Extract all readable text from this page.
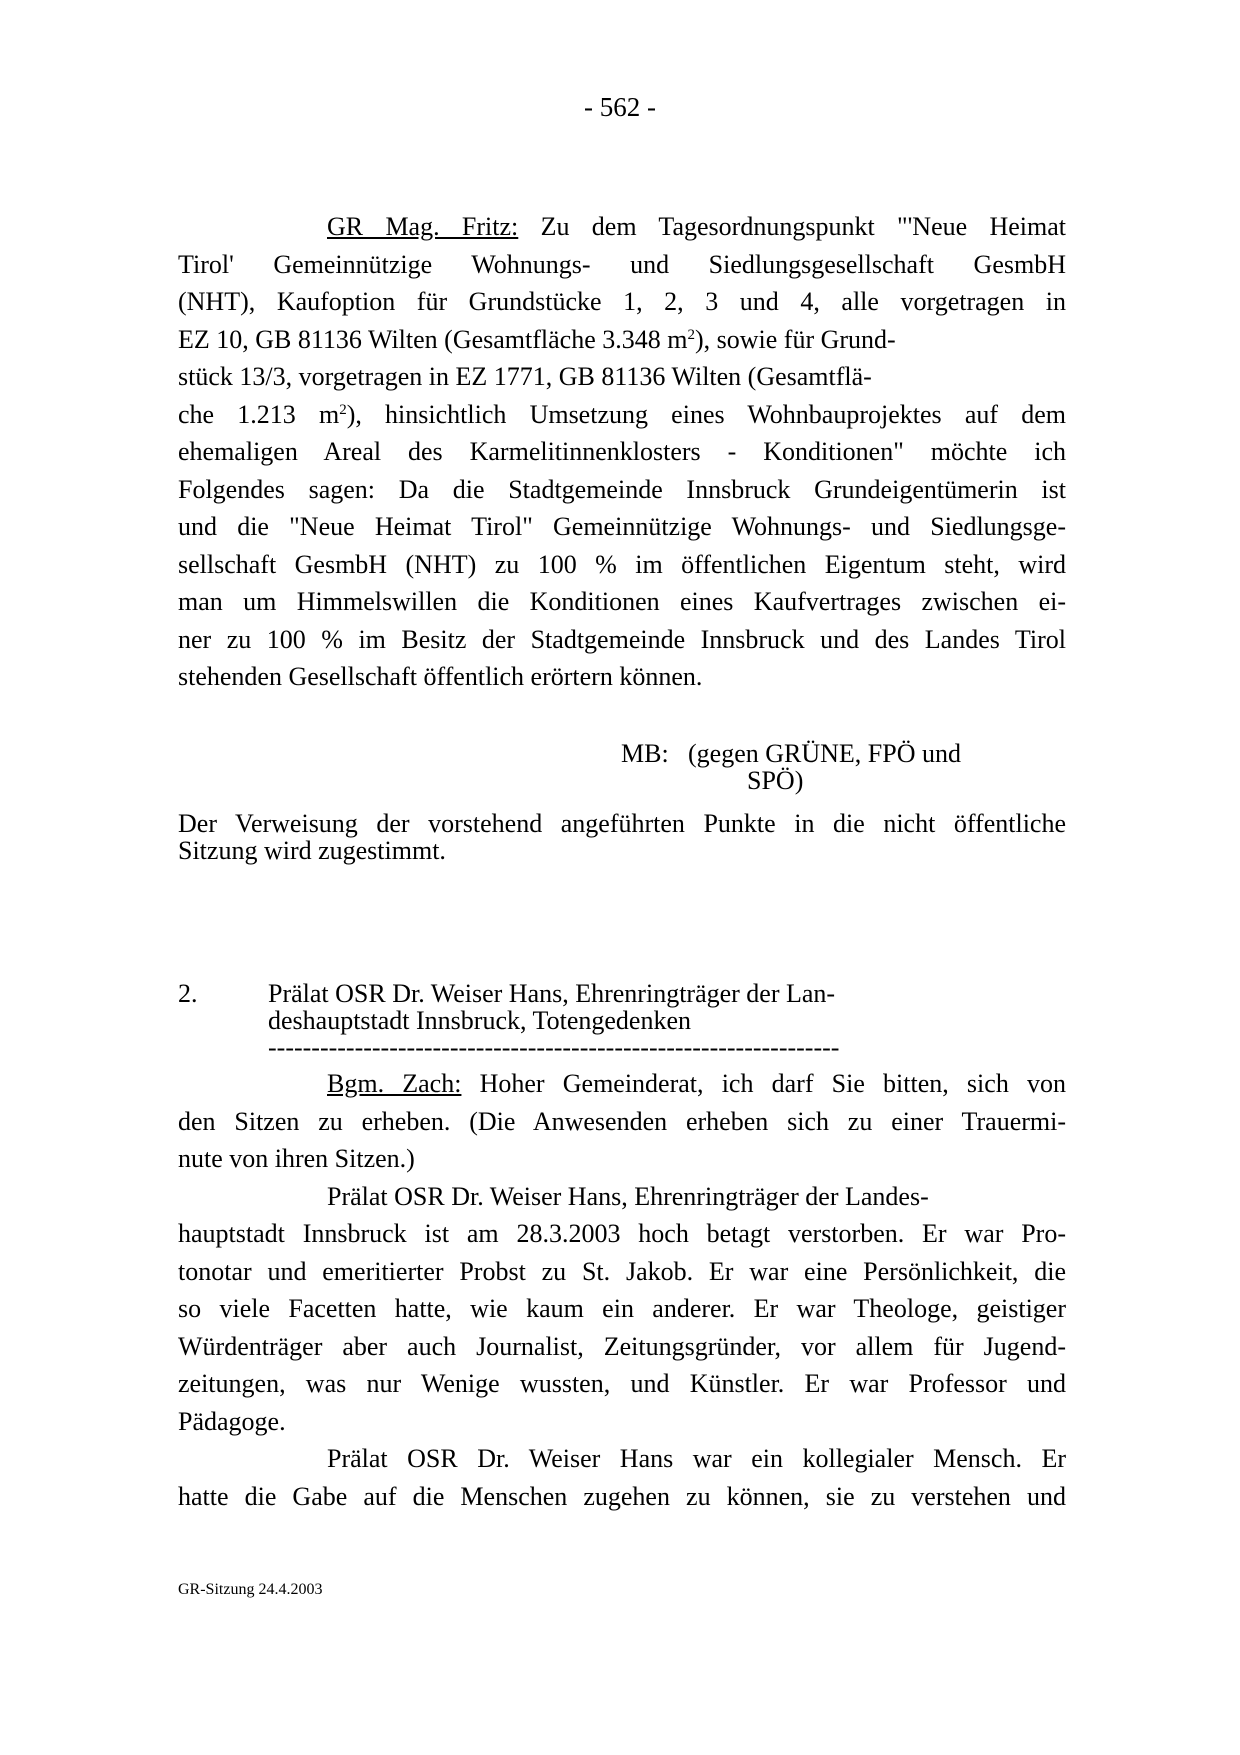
- 562 -
GR Mag. Fritz: Zu dem Tagesordnungspunkt "'Neue Heimat
Tirol' Gemeinnützige Wohnungs- und Siedlungsgesellschaft GesmbH
(NHT), Kaufoption für Grundstücke 1, 2, 3 und 4, alle vorgetragen in
EZ 10, GB 81136 Wilten (Gesamtfläche 3.348 $m^2$), sowie für Grund-
stück 13/3, vorgetragen in EZ 1771, GB 81136 Wilten (Gesamtflä-
che 1.213 $m^2$), hinsichtlich Umsetzung eines Wohnbauprojektes auf dem
ehemaligen Areal des Karmelitinnenklosters - Konditionen" möchte ich
Folgendes sagen: Da die Stadtgemeinde Innsbruck Grundeigentümerin ist
und die "Neue Heimat Tirol" Gemeinnützige Wohnungs- und Siedlungsge-
sellschaft GesmbH (NHT) zu 100 % im öffentlichen Eigentum steht, wird
man um Himmelswillen die Konditionen eines Kaufvertrages zwischen ei-
ner zu 100 % im Besitz der Stadtgemeinde Innsbruck und des Landes Tirol
stehenden Gesellschaft öffentlich erörtern können.
MB: (gegen GRÜNE, FPÖ und
SPÖ)
Der Verweisung der vorstehend angeführten Punkte in die nicht öffentliche
Sitzung wird zugestimmt.
2.	Prälat OSR Dr. Weiser Hans, Ehrenringträger der Lan-
deshauptstadt Innsbruck, Totengedenken
------------------------------------------------------------------
Bgm. Zach: Hoher Gemeinderat, ich darf Sie bitten, sich von
den Sitzen zu erheben. (Die Anwesenden erheben sich zu einer Trauermi-
nute von ihren Sitzen.)
Prälat OSR Dr. Weiser Hans, Ehrenringträger der Landes-
hauptstadt Innsbruck ist am 28.3.2003 hoch betagt verstorben. Er war Pro-
tonotar und emeritierter Probst zu St. Jakob. Er war eine Persönlichkeit, die
so viele Facetten hatte, wie kaum ein anderer. Er war Theologe, geistiger
Würdenträger aber auch Journalist, Zeitungsgründer, vor allem für Jugend-
zeitungen, was nur Wenige wussten, und Künstler. Er war Professor und
Pädagoge.
Prälat OSR Dr. Weiser Hans war ein kollegialer Mensch. Er
hatte die Gabe auf die Menschen zugehen zu können, sie zu verstehen und
GR-Sitzung 24.4.2003
